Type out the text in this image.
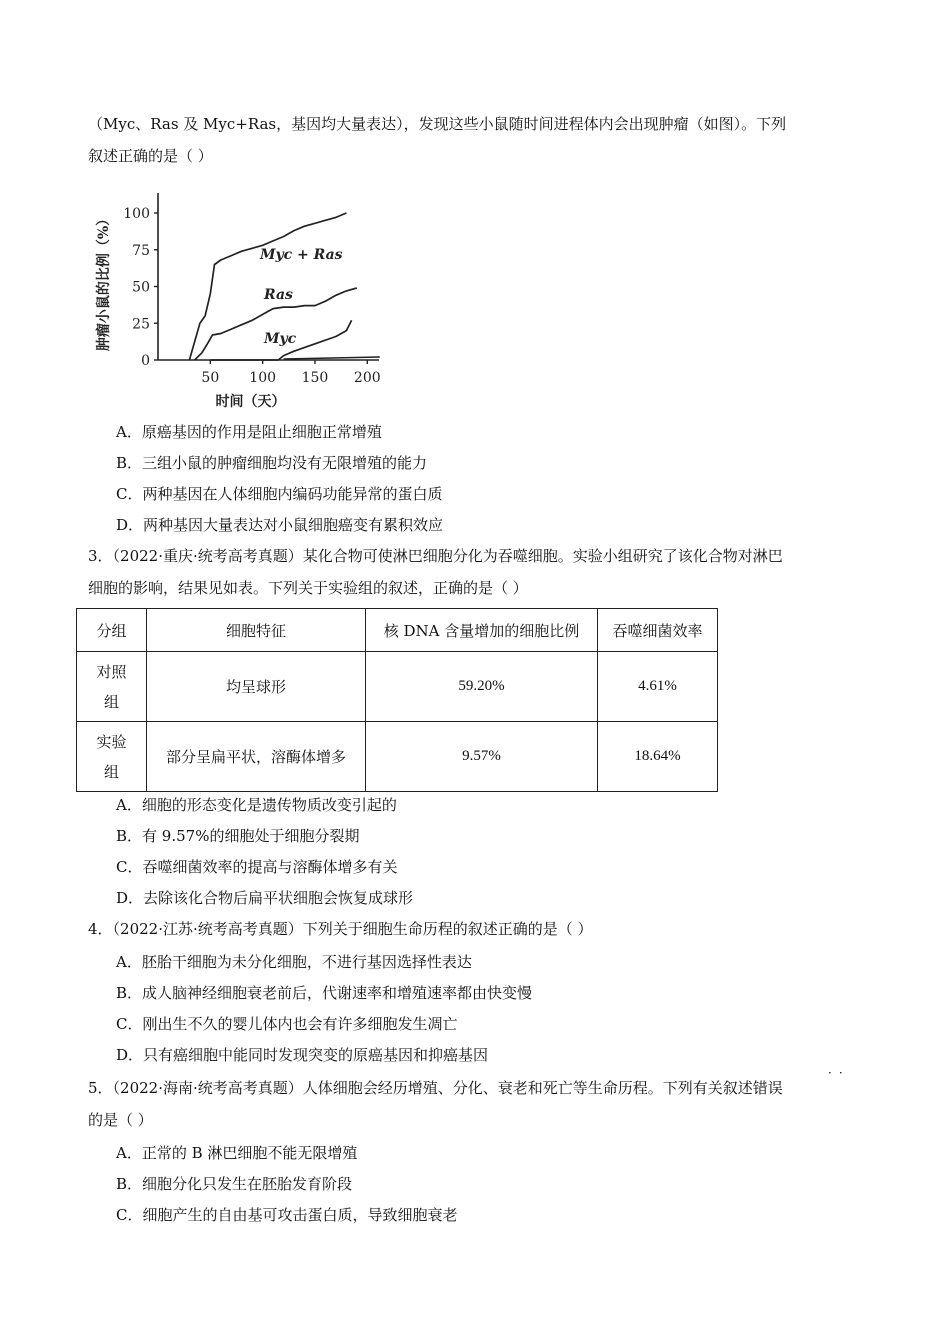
（Myc、Ras 及 Myc+Ras，基因均大量表达），发现这些小鼠随时间进程体内会出现肿瘤（如图）。下列
叙述正确的是（ ）
0
25
50
75
100
50 100 150 200
时间（天）
肿瘤小鼠的比例（%）	Myc + Ras
Ras
Myc
A．原癌基因的作用是阻止细胞正常增殖
B．三组小鼠的肿瘤细胞均没有无限增殖的能力
C．两种基因在人体细胞内编码功能异常的蛋白质
D．两种基因大量表达对小鼠细胞癌变有累积效应
3．（2022·重庆·统考高考真题）某化合物可使淋巴细胞分化为吞噬细胞。实验小组研究了该化合物对淋巴
细胞的影响，结果见如表。下列关于实验组的叙述，正确的是（ ）
分组	细胞特征	核 DNA 含量增加的细胞比例	吞噬细菌效率

对照
组	均呈球形	59.20%	4.61%

实验
组	部分呈扁平状，溶酶体增多	9.57%	18.64%
A．细胞的形态变化是遗传物质改变引起的
B．有 9.57%的细胞处于细胞分裂期
C．吞噬细菌效率的提高与溶酶体增多有关
D．去除该化合物后扁平状细胞会恢复成球形
4．（2022·江苏·统考高考真题）下列关于细胞生命历程的叙述正确的是（ ）
A．胚胎干细胞为未分化细胞，不进行基因选择性表达
B．成人脑神经细胞衰老前后，代谢速率和增殖速率都由快变慢
C．刚出生不久的婴儿体内也会有许多细胞发生凋亡
D．只有癌细胞中能同时发现突变的原癌基因和抑癌基因
··
5．（2022·海南·统考高考真题）人体细胞会经历增殖、分化、衰老和死亡等生命历程。下列有关叙述错误
的是（ ）
A．正常的 B 淋巴细胞不能无限增殖
B．细胞分化只发生在胚胎发育阶段
C．细胞产生的自由基可攻击蛋白质，导致细胞衰老
